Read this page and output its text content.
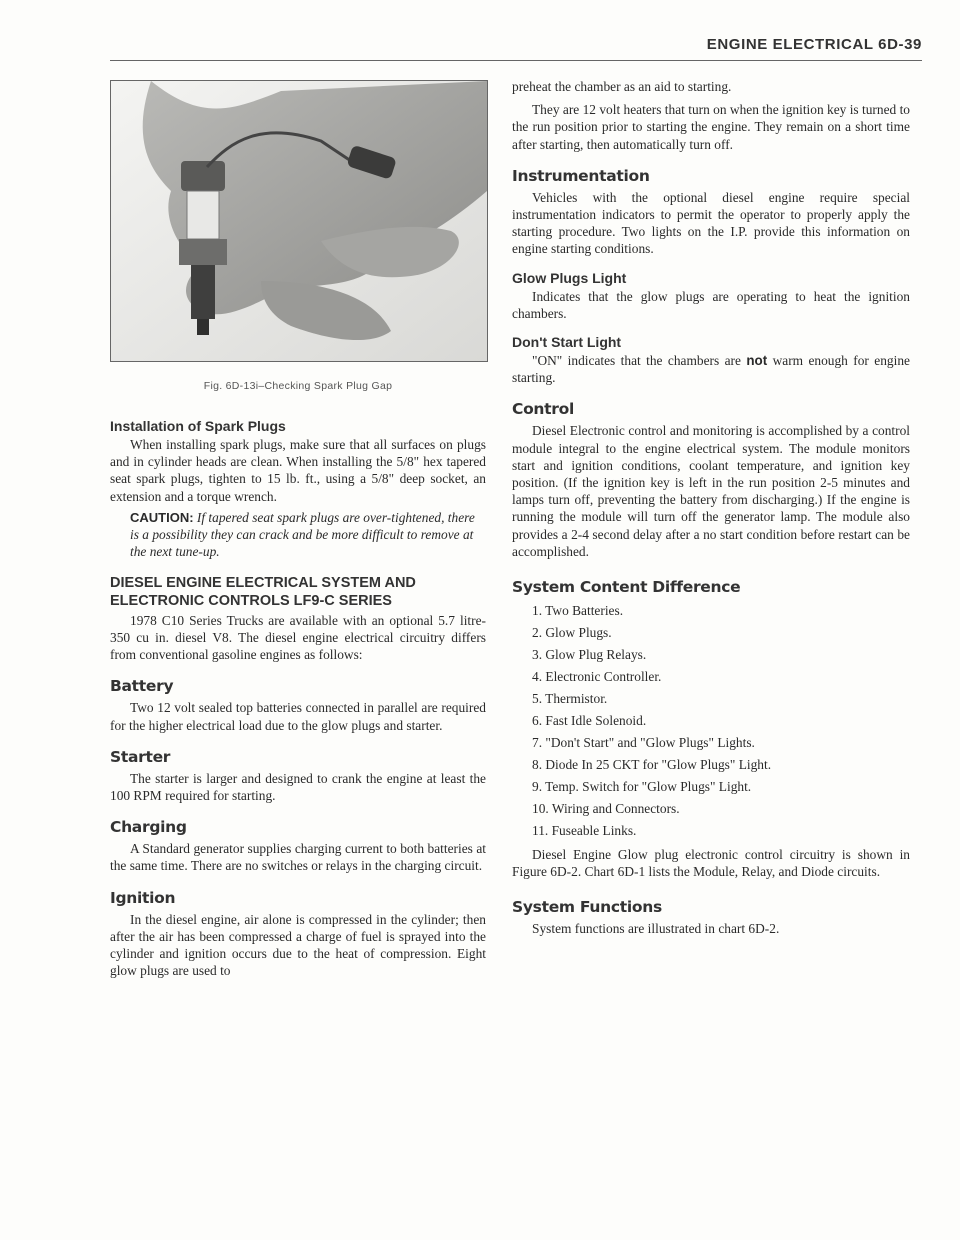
ENGINE ELECTRICAL 6D-39
Fig. 6D-13i–Checking Spark Plug Gap
Installation of Spark Plugs

When installing spark plugs, make sure that all surfaces on plugs and in cylinder heads are clean. When installing the 5/8" hex tapered seat spark plugs, tighten to 15 lb. ft., using a 5/8" deep socket, an extension and a torque wrench.

CAUTION: If tapered seat spark plugs are over-tightened, there is a possibility they can crack and be more difficult to remove at the next tune-up.
DIESEL ENGINE ELECTRICAL SYSTEM AND ELECTRONIC CONTROLS LF9-C SERIES

1978 C10 Series Trucks are available with an optional 5.7 litre-350 cu in. diesel V8. The diesel engine electrical circuitry differs from conventional gasoline engines as follows:

Battery

Two 12 volt sealed top batteries connected in parallel are required for the higher electrical load due to the glow plugs and starter.

Starter

The starter is larger and designed to crank the engine at least the 100 RPM required for starting.

Charging

A Standard generator supplies charging current to both batteries at the same time. There are no switches or relays in the charging circuit.

Ignition

In the diesel engine, air alone is compressed in the cylinder; then after the air has been compressed a charge of fuel is sprayed into the cylinder and ignition occurs due to the heat of compression. Eight glow plugs are used to

preheat the chamber as an aid to starting.

They are 12 volt heaters that turn on when the ignition key is turned to the run position prior to starting the engine. They remain on a short time after starting, then automatically turn off.

Instrumentation

Vehicles with the optional diesel engine require special instrumentation indicators to permit the operator to properly apply the starting procedure. Two lights on the I.P. provide this information on engine starting conditions.

Glow Plugs Light

Indicates that the glow plugs are operating to heat the ignition chambers.

Don't Start Light

"ON" indicates that the chambers are not warm enough for engine starting.

Control

Diesel Electronic control and monitoring is accomplished by a control module integral to the engine electrical system. The module monitors start and ignition conditions, coolant temperature, and ignition key position. (If the ignition key is left in the run position 2-5 minutes and lamps turn off, preventing the battery from discharging.) If the engine is running the module will turn off the generator lamp. The module also provides a 2-4 second delay after a no start condition before restart can be accomplished.

System Content Difference
1. Two Batteries.
2. Glow Plugs.
3. Glow Plug Relays.
4. Electronic Controller.
5. Thermistor.
6. Fast Idle Solenoid.
7. "Don't Start" and "Glow Plugs" Lights.
8. Diode In 25 CKT for "Glow Plugs" Light.
9. Temp. Switch for "Glow Plugs" Light.
10. Wiring and Connectors.
11. Fuseable Links.

Diesel Engine Glow plug electronic control circuitry is shown in Figure 6D-2. Chart 6D-1 lists the Module, Relay, and Diode circuits.

System Functions

System functions are illustrated in chart 6D-2.
